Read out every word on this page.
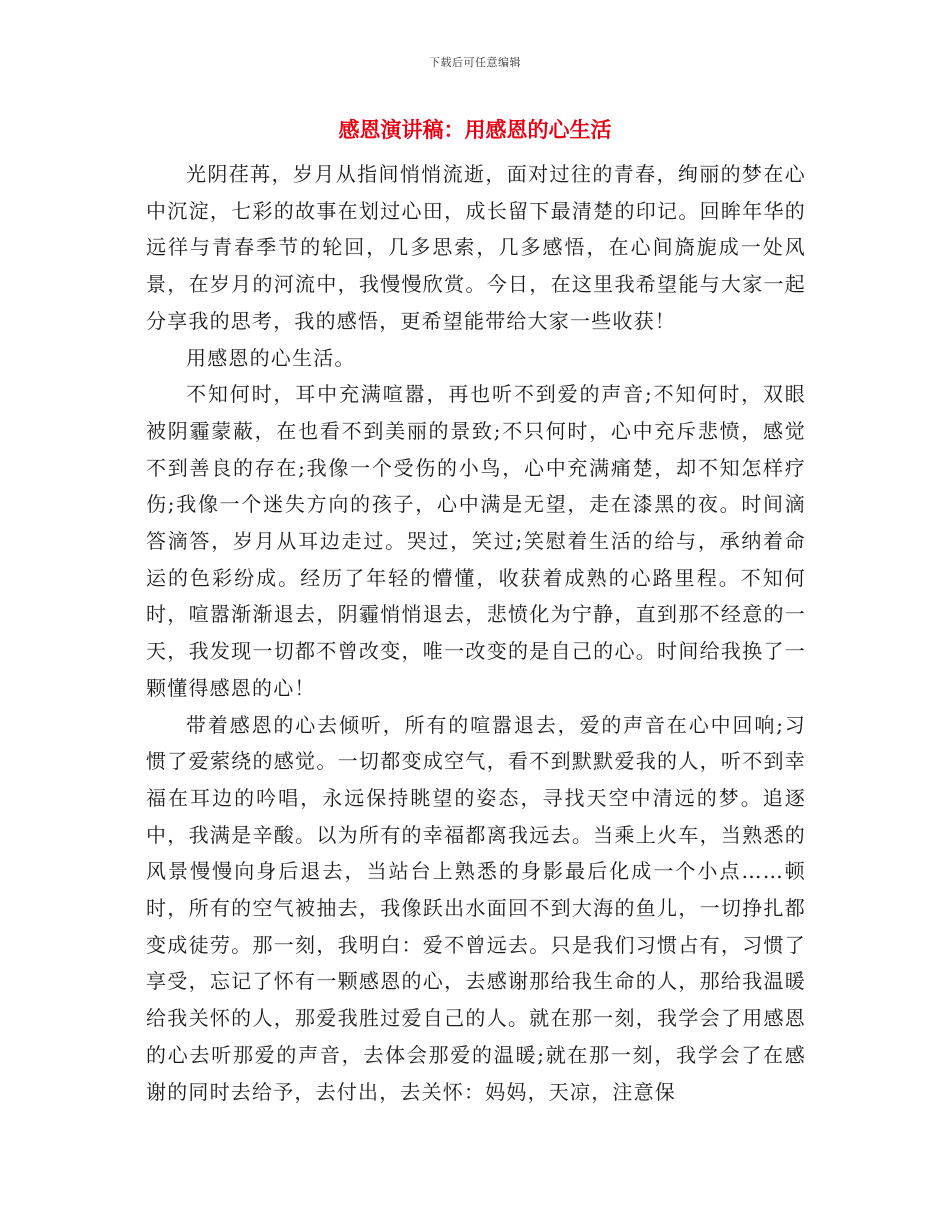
下载后可任意编辑
感恩演讲稿：用感恩的心生活

光阴荏苒，岁月从指间悄悄流逝，面对过往的青春，绚丽的梦在心中沉淀，七彩的故事在划过心田，成长留下最清楚的印记。回眸年华的远徉与青春季节的轮回，几多思索，几多感悟，在心间旖旎成一处风景，在岁月的河流中，我慢慢欣赏。今日，在这里我希望能与大家一起分享我的思考，我的感悟，更希望能带给大家一些收获！

用感恩的心生活。

不知何时，耳中充满喧嚣，再也听不到爱的声音;不知何时，双眼被阴霾蒙蔽，在也看不到美丽的景致;不只何时，心中充斥悲愤，感觉不到善良的存在;我像一个受伤的小鸟，心中充满痛楚，却不知怎样疗伤;我像一个迷失方向的孩子，心中满是无望，走在漆黑的夜。时间滴答滴答，岁月从耳边走过。哭过，笑过;笑慰着生活的给与，承纳着命运的色彩纷成。经历了年轻的懵懂，收获着成熟的心路里程。不知何时，喧嚣渐渐退去，阴霾悄悄退去，悲愤化为宁静，直到那不经意的一天，我发现一切都不曾改变，唯一改变的是自己的心。时间给我换了一颗懂得感恩的心！

带着感恩的心去倾听，所有的喧嚣退去，爱的声音在心中回响;习惯了爱萦绕的感觉。一切都变成空气，看不到默默爱我的人，听不到幸福在耳边的吟唱，永远保持眺望的姿态，寻找天空中清远的梦。追逐中，我满是辛酸。以为所有的幸福都离我远去。当乘上火车，当熟悉的风景慢慢向身后退去，当站台上熟悉的身影最后化成一个小点……顿时，所有的空气被抽去，我像跃出水面回不到大海的鱼儿，一切挣扎都变成徒劳。那一刻，我明白：爱不曾远去。只是我们习惯占有，习惯了享受，忘记了怀有一颗感恩的心，去感谢那给我生命的人，那给我温暖给我关怀的人，那爱我胜过爱自己的人。就在那一刻，我学会了用感恩的心去听那爱的声音，去体会那爱的温暖;就在那一刻，我学会了在感谢的同时去给予，去付出，去关怀：妈妈，天凉，注意保
